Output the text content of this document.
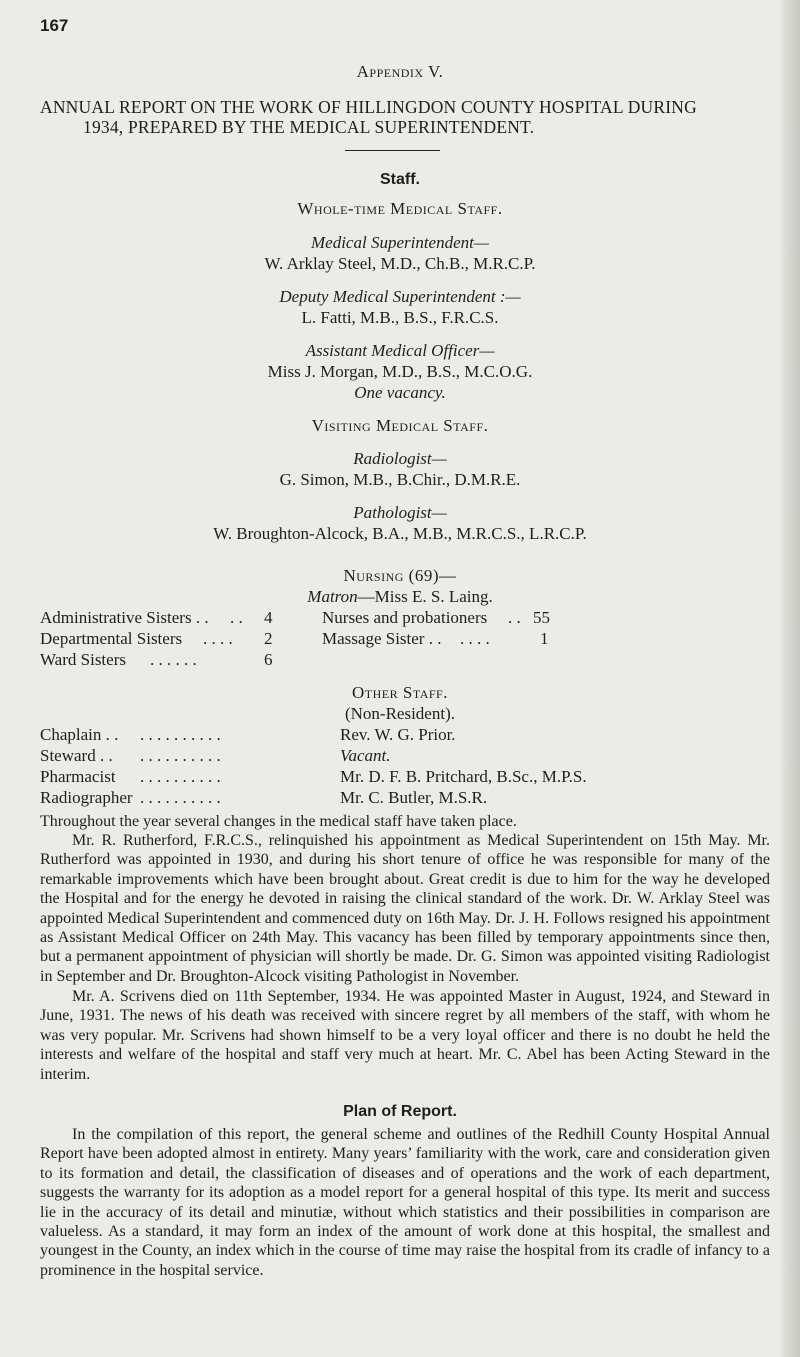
167
Appendix V.
ANNUAL REPORT ON THE WORK OF HILLINGDON COUNTY HOSPITAL DURING
1934, PREPARED BY THE MEDICAL SUPERINTENDENT.
Staff.
Whole-time Medical Staff.
Medical Superintendent—
W. Arklay Steel, M.D., Ch.B., M.R.C.P.
Deputy Medical Superintendent :—
L. Fatti, M.B., B.S., F.R.C.S.
Assistant Medical Officer—
Miss J. Morgan, M.D., B.S., M.C.O.G.
One vacancy.
Visiting Medical Staff.
Radiologist—
G. Simon, M.B., B.Chir., D.M.R.E.
Pathologist—
W. Broughton-Alcock, B.A., M.B., M.R.C.S., L.R.C.P.
Nursing (69)—
Matron—Miss E. S. Laing.
Administrative Sisters . . . . 4
Departmental Sisters . . . . 2
Ward Sisters . . . . . .	6
Nurses and probationers . . 55
Massage Sister . . . . . .	1
Other Staff.
(Non-Resident).
Chaplain . . . . . . . . . . . .	Rev. W. G. Prior.
Steward . . . . . . . . . . . .	Vacant.
Pharmacist . . . . . . . . . .	Mr. D. F. B. Pritchard, B.Sc., M.P.S.
Radiographer . . . . . . . . . .	Mr. C. Butler, M.S.R.

Throughout the year several changes in the medical staff have taken place.

Mr. R. Rutherford, F.R.C.S., relinquished his appointment as Medical Superintendent on 15th May. Mr. Rutherford was appointed in 1930, and during his short tenure of office he was responsible for many of the remarkable improvements which have been brought about. Great credit is due to him for the way he developed the Hospital and for the energy he devoted in raising the clinical standard of the work. Dr. W. Arklay Steel was appointed Medical Superintendent and commenced duty on 16th May. Dr. J. H. Follows resigned his appointment as Assistant Medical Officer on 24th May. This vacancy has been filled by temporary appointments since then, but a permanent appointment of physician will shortly be made. Dr. G. Simon was appointed visiting Radiologist in September and Dr. Broughton-Alcock visiting Pathologist in November.

Mr. A. Scrivens died on 11th September, 1934. He was appointed Master in August, 1924, and Steward in June, 1931. The news of his death was received with sincere regret by all members of the staff, with whom he was very popular. Mr. Scrivens had shown himself to be a very loyal officer and there is no doubt he held the interests and welfare of the hospital and staff very much at heart. Mr. C. Abel has been Acting Steward in the interim.

Plan of Report.

In the compilation of this report, the general scheme and outlines of the Redhill County Hospital Annual Report have been adopted almost in entirety. Many years’ familiarity with the work, care and consideration given to its formation and detail, the classification of diseases and of operations and the work of each department, suggests the warranty for its adoption as a model report for a general hospital of this type. Its merit and success lie in the accuracy of its detail and minutiæ, without which statistics and their possibilities in comparison are valueless. As a standard, it may form an index of the amount of work done at this hospital, the smallest and youngest in the County, an index which in the course of time may raise the hospital from its cradle of infancy to a prominence in the hospital service.
